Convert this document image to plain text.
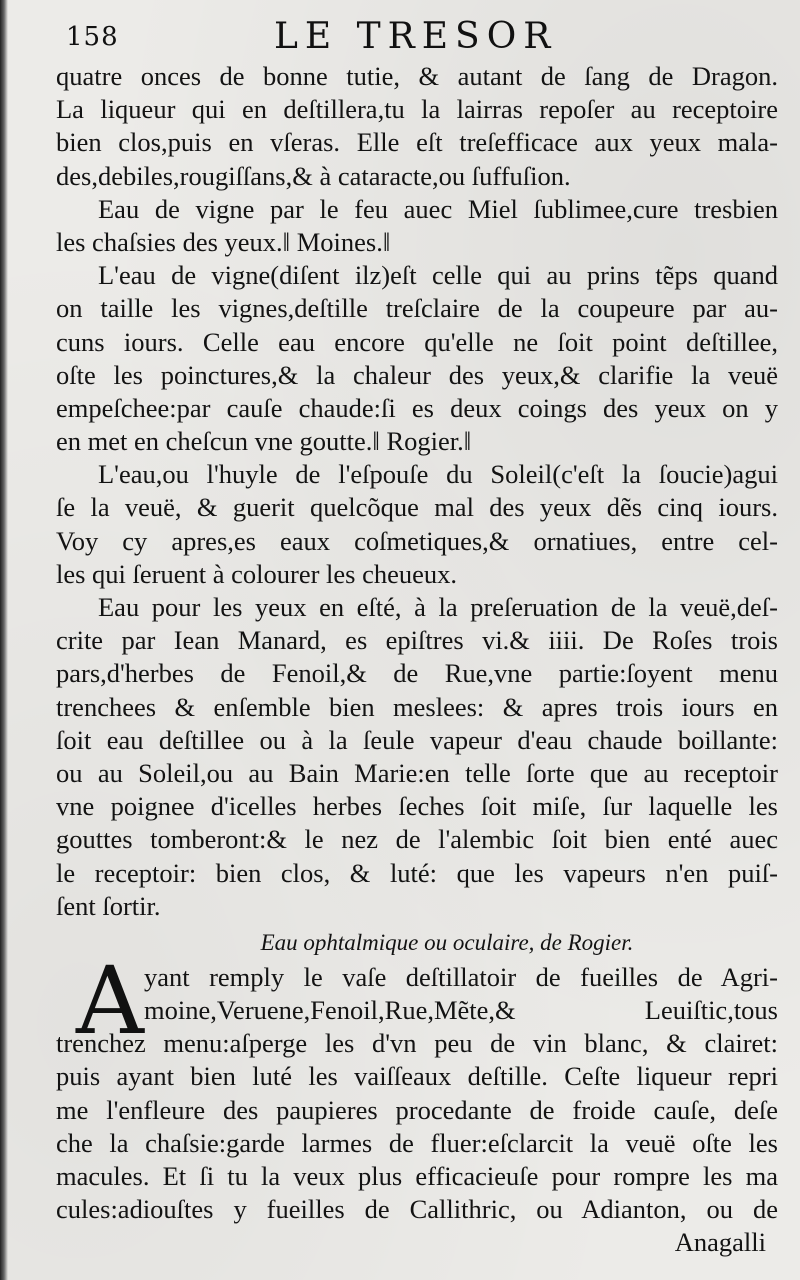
158	LE TRESOR
quatre onces de bonne tutie, & autant de ſang de Dragon.
La liqueur qui en deſtillera,tu la lairras repoſer au receptoire
bien clos,puis en vſeras. Elle eſt treſefficace aux yeux mala-
des,debiles,rougiſſans,& à cataracte,ou ſuffuſion.
Eau de vigne par le feu auec Miel ſublimee,cure tresbien
les chaſsies des yeux.‖ Moines.‖
L'eau de vigne(diſent ilz)eſt celle qui au prins tẽps quand
on taille les vignes,deſtille treſclaire de la coupeure par au-
cuns iours. Celle eau encore qu'elle ne ſoit point deſtillee,
oſte les poinctures,& la chaleur des yeux,& clarifie la veuë
empeſchee:par cauſe chaude:ſi es deux coings des yeux on y
en met en cheſcun vne goutte.‖ Rogier.‖
L'eau,ou l'huyle de l'eſpouſe du Soleil(c'eſt la ſoucie)agui
ſe la veuë, & guerit quelcõque mal des yeux dẽs cinq iours.
Voy cy apres,es eaux coſmetiques,& ornatiues, entre cel-
les qui ſeruent à colourer les cheueux.
Eau pour les yeux en eſté, à la preſeruation de la veuë,deſ-
crite par Iean Manard, es epiſtres vi.& iiii. De Roſes trois
pars,d'herbes de Fenoil,& de Rue,vne partie:ſoyent menu
trenchees & enſemble bien meslees: & apres trois iours en
ſoit eau deſtillee ou à la ſeule vapeur d'eau chaude boillante:
ou au Soleil,ou au Bain Marie:en telle ſorte que au receptoir
vne poignee d'icelles herbes ſeches ſoit miſe, ſur laquelle les
gouttes tomberont:& le nez de l'alembic ſoit bien enté auec
le receptoir: bien clos, & luté: que les vapeurs n'en puiſ-
ſent ſortir.
Eau ophtalmique ou oculaire, de Rogier.
A yant remply le vaſe deſtillatoir de fueilles de Agri-
moine,Veruene,Fenoil,Rue,Mẽte,& Leuiſtic,tous
trenchez menu:aſperge les d'vn peu de vin blanc, & clairet:
puis ayant bien luté les vaiſſeaux deſtille. Ceſte liqueur repri
me l'enfleure des paupieres procedante de froide cauſe, deſe
che la chaſsie:garde larmes de fluer:eſclarcit la veuë oſte les
macules. Et ſi tu la veux plus efficacieuſe pour rompre les ma
cules:adiouſtes y fueilles de Callithric, ou Adianton, ou de
Anagalli
